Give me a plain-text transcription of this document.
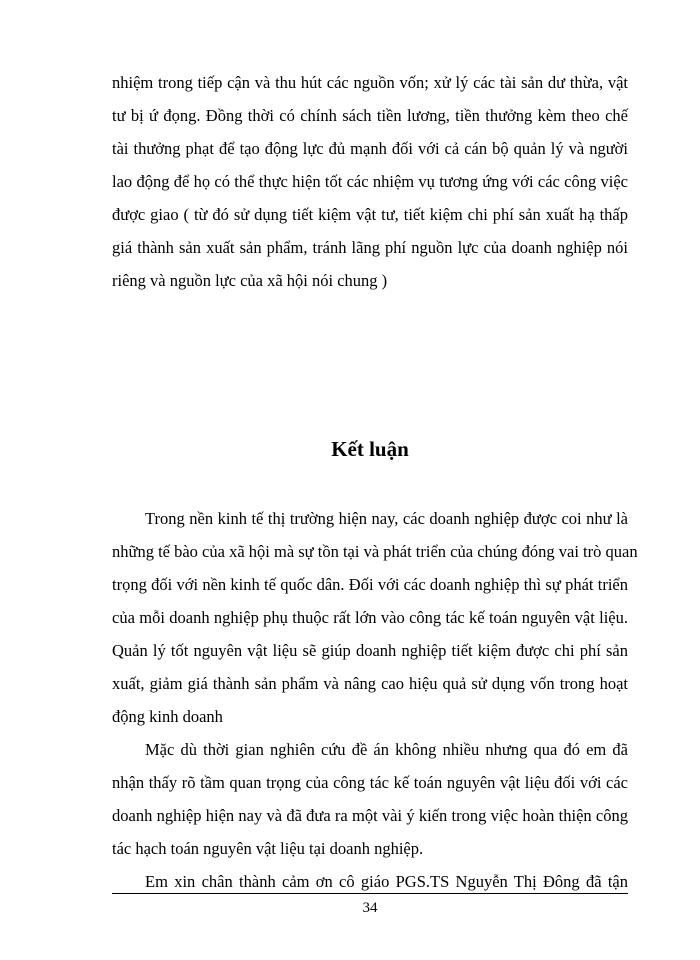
nhiệm trong tiếp cận và thu hút các nguồn vốn; xử lý các tài sản dư thừa, vật
tư bị ứ đọng. Đồng thời có chính sách tiền lương, tiền thưởng kèm theo chế
tài thưởng phạt để tạo động lực đủ mạnh đối với cả cán bộ quản lý và người
lao động để họ có thể thực hiện tốt các nhiệm vụ tương ứng với các công việc
được giao ( từ đó sử dụng tiết kiệm vật tư, tiết kiệm chi phí sản xuất hạ thấp
giá thành sản xuất sản phẩm, tránh lãng phí nguồn lực của doanh nghiệp nói
riêng và nguồn lực của xã hội nói chung )
Kết luận
Trong nền kinh tế thị trường hiện nay, các doanh nghiệp được coi như là
những tế bào của xã hội mà sự tồn tại và phát triển của chúng đóng vai trò quan
trọng đối với nền kinh tế quốc dân. Đối với các doanh nghiệp thì sự phát triển
của mỗi doanh nghiệp phụ thuộc rất lớn vào công tác kế toán nguyên vật liệu.
Quản lý tốt nguyên vật liệu sẽ giúp doanh nghiệp tiết kiệm được chi phí sản
xuất, giảm giá thành sản phẩm và nâng cao hiệu quả sử dụng vốn trong hoạt
động kinh doanh
Mặc dù thời gian nghiên cứu đề án không nhiều nhưng qua đó em đã
nhận thấy rõ tầm quan trọng của công tác kế toán nguyên vật liệu đối với các
doanh nghiệp hiện nay và đã đưa ra một vài ý kiến trong việc hoàn thiện công
tác hạch toán nguyên vật liệu tại doanh nghiệp.
Em xin chân thành cảm ơn cô giáo PGS.TS Nguyễn Thị Đông đã tận
34
